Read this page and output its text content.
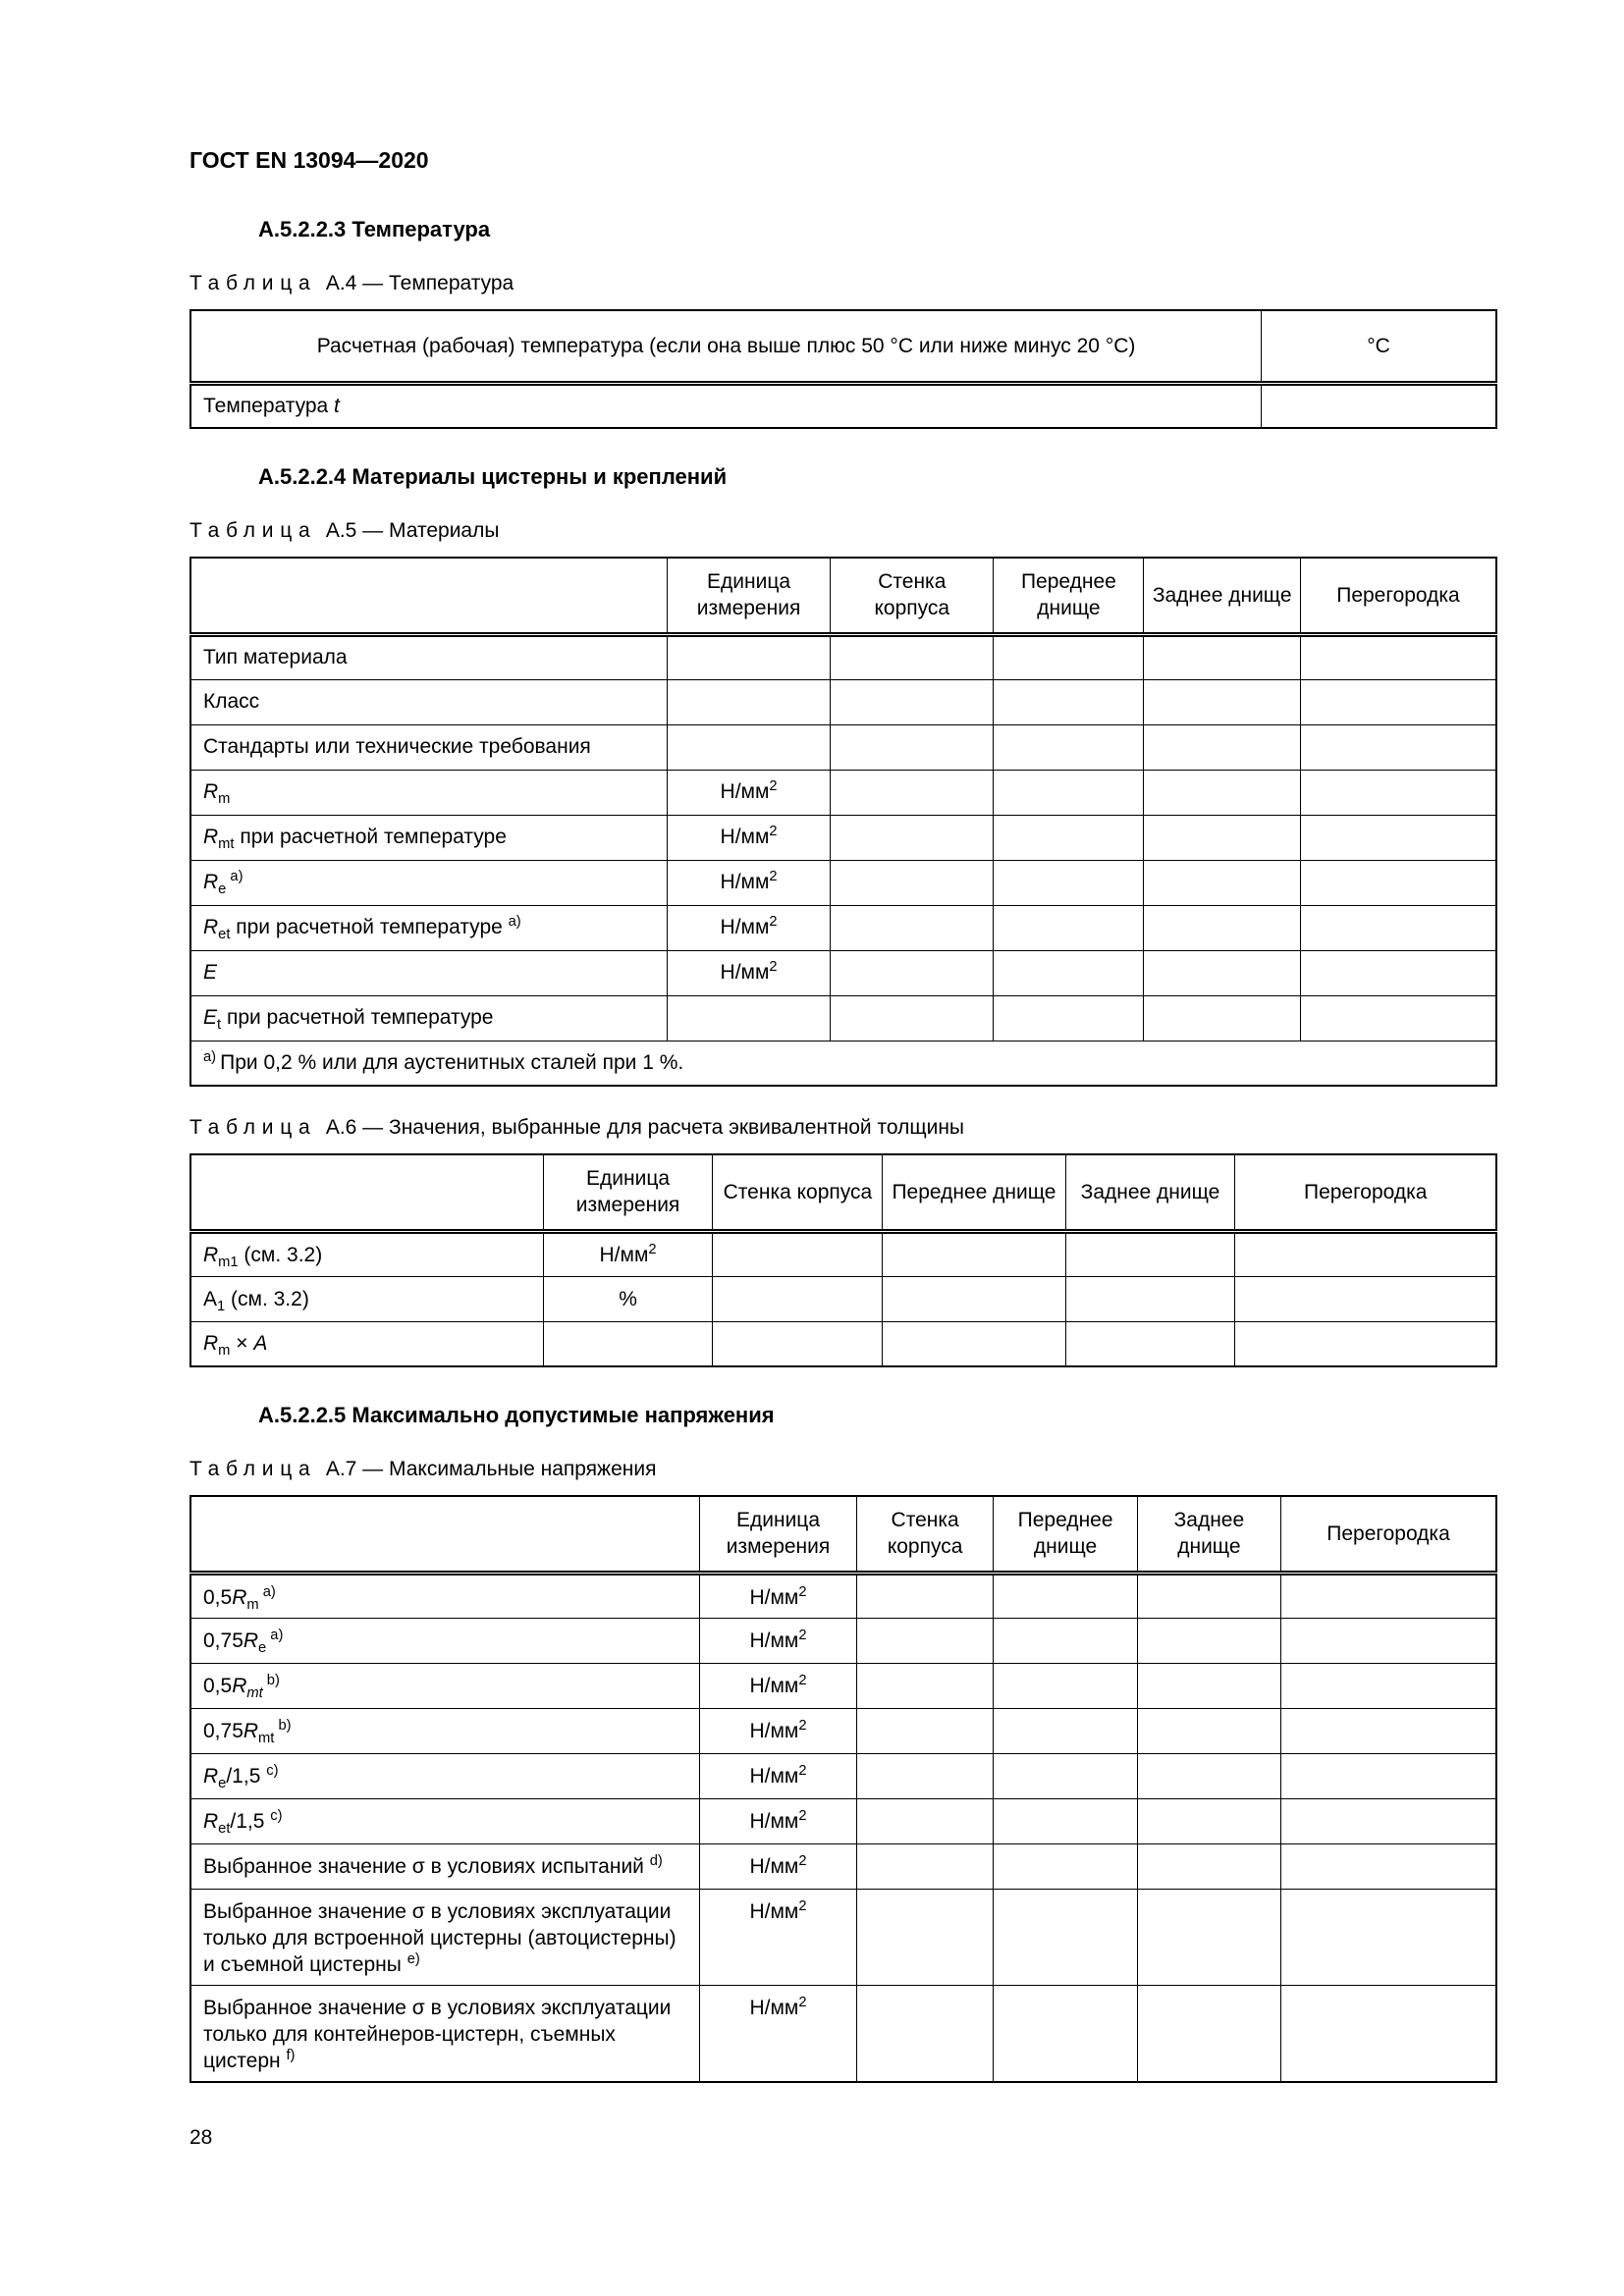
ГОСТ EN 13094—2020
А.5.2.2.3 Температура

Таблица А.4 — Температура

Расчетная (рабочая) температура (если она выше плюс 50 °С или ниже минус 20 °С)	°С
Температура t	
А.5.2.2.4 Материалы цистерны и креплений

Таблица А.5 — Материалы

	Единица измерения	Стенка корпуса	Переднее днище	Заднее днище	Перегородка
Тип материала					
Класс					
Стандарты или технические требования					
$R_m$	$Н/мм^2$				
$R_{mt}$ при расчетной температуре	$Н/мм^2$				
$R_e$ $^{a)}$	$Н/мм^2$				
$R_{et}$ при расчетной температуре $^{a)}$	$Н/мм^2$				
E	$Н/мм^2$				
$E_t$ при расчетной температуре					
$^{a)}$ При 0,2 % или для аустенитных сталей при 1 %.					

Таблица А.6 — Значения, выбранные для расчета эквивалентной толщины

	Единица измерения	Стенка корпуса	Переднее днище	Заднее днище	Перегородка
$R_{m1}$ (см. 3.2)	$Н/мм^2$				
$А_1$ (см. 3.2)	%				
$R_m \times A$					
А.5.2.2.5 Максимально допустимые напряжения

Таблица А.7 — Максимальные напряжения

	Единица измерения	Стенка корпуса	Переднее днище	Заднее днище	Перегородка
$0,5R_m$ $^{a)}$	$Н/мм^2$				
$0,75R_e$ $^{a)}$	$Н/мм^2$				
$0,5R_{mt}$ $^{b)}$	$Н/мм^2$				
$0,75R_{mt}$ $^{b)}$	$Н/мм^2$				
$R_e/1,5$ $^{c)}$	$Н/мм^2$				
$R_{et}/1,5$ $^{c)}$	$Н/мм^2$				
Выбранное значение σ в условиях испытаний $^{d)}$	$Н/мм^2$				
Выбранное значение σ в условиях эксплуатации только для встроенной цистерны (автоцистерны) и съемной цистерны $^{e)}$	$Н/мм^2$				
Выбранное значение σ в условиях эксплуатации только для контейнеров-цистерн, съемных цистерн $^{f)}$	$Н/мм^2$				
28
